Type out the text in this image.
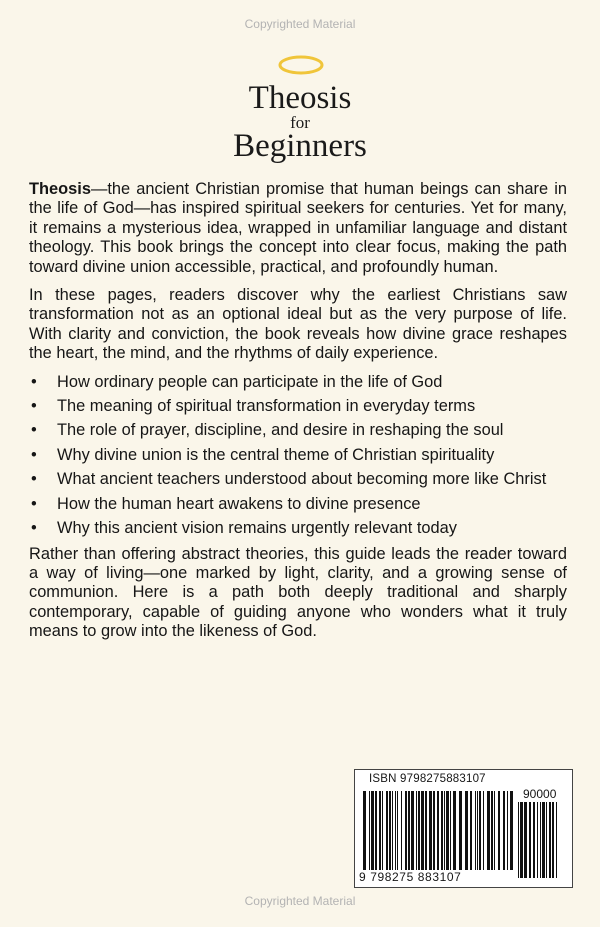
Copyrighted Material
Theosis
for
Beginners

Theosis—the ancient Christian promise that human beings can share in the life of God—has inspired spiritual seekers for centuries. Yet for many, it remains a mysterious idea, wrapped in unfamiliar language and distant theology. This book brings the concept into clear focus, making the path toward divine union accessible, practical, and profoundly human.

In these pages, readers discover why the earliest Christians saw transformation not as an optional ideal but as the very purpose of life. With clarity and conviction, the book reveals how divine grace reshapes the heart, the mind, and the rhythms of daily experience.

• How ordinary people can participate in the life of God
• The meaning of spiritual transformation in everyday terms
• The role of prayer, discipline, and desire in reshaping the soul
• Why divine union is the central theme of Christian spirituality
• What ancient teachers understood about becoming more like Christ
• How the human heart awakens to divine presence
• Why this ancient vision remains urgently relevant today

Rather than offering abstract theories, this guide leads the reader toward a way of living—one marked by light, clarity, and a growing sense of communion. Here is a path both deeply traditional and sharply contemporary, capable of guiding anyone who wonders what it truly means to grow into the likeness of God.

ISBN 9798275883107
90000
9 798275 883107
Copyrighted Material
